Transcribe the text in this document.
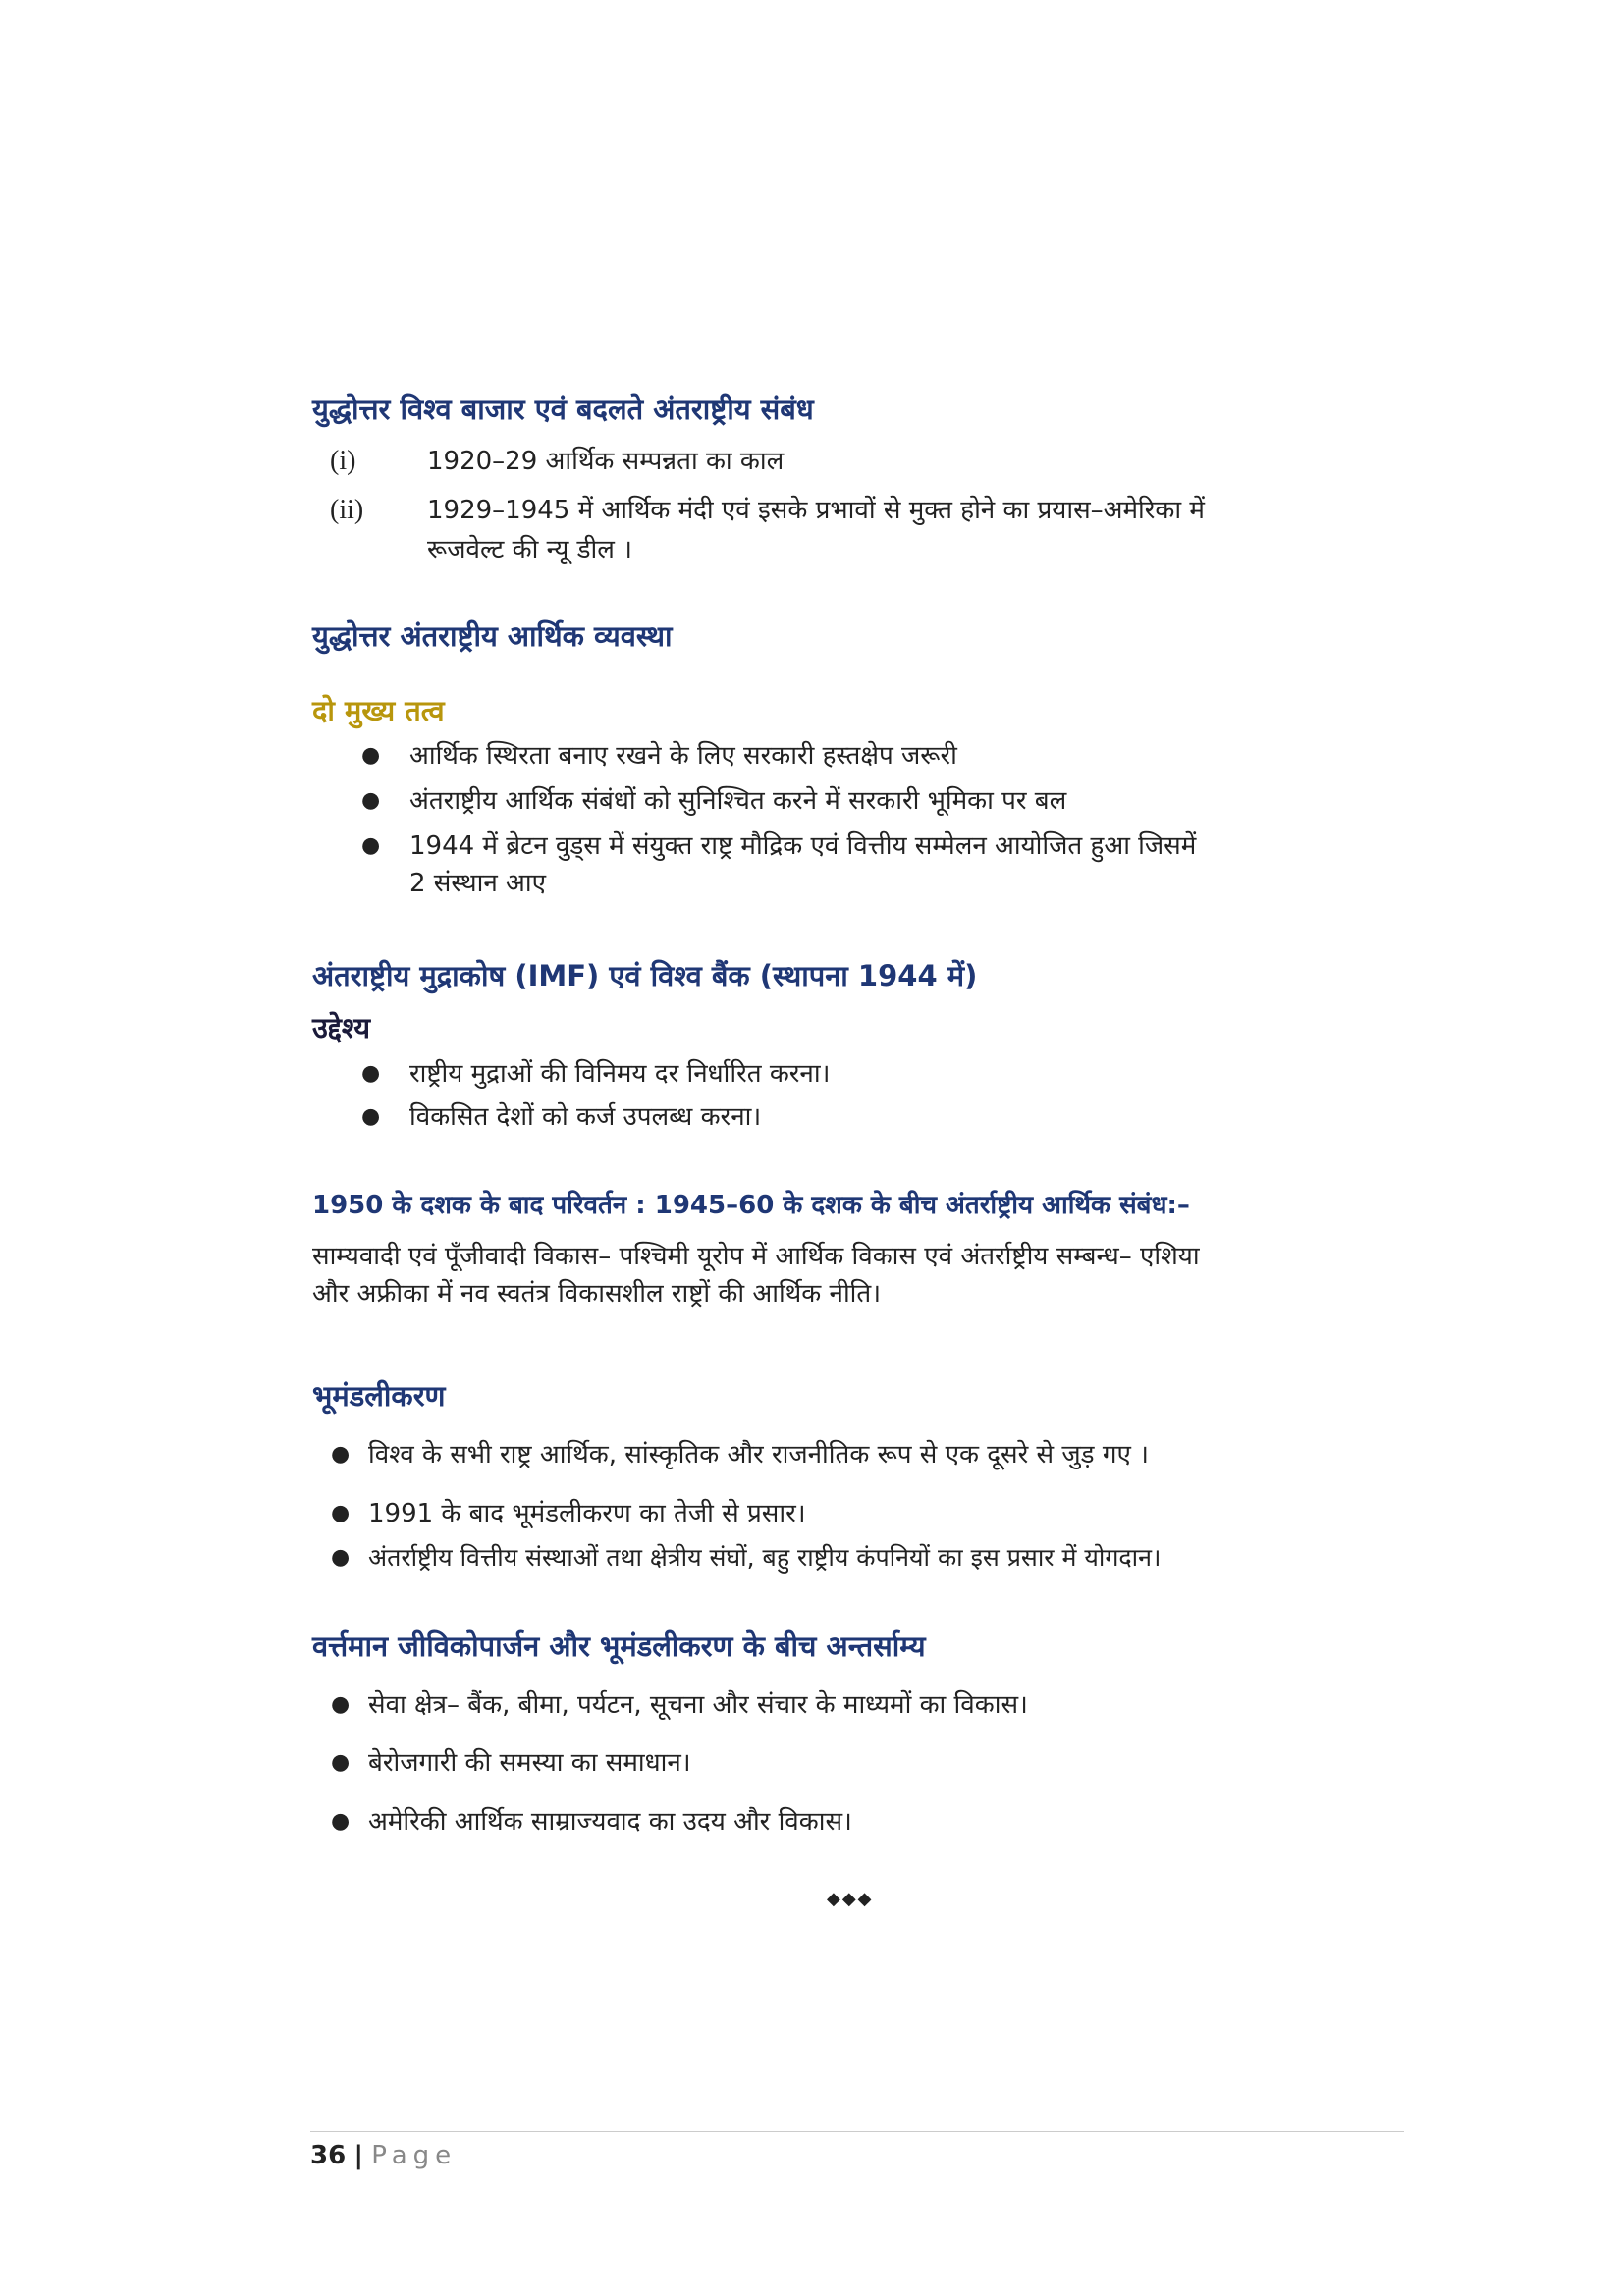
युद्धोत्तर विश्व बाजार एवं बदलते अंतराष्ट्रीय संबंध
(i)	1920–29 आर्थिक सम्पन्नता का काल
(ii) 1929–1945 में आर्थिक मंदी एवं इसके प्रभावों से मुक्त होने का प्रयास–अमेरिका में
रूजवेल्ट की न्यू डील ।
युद्धोत्तर अंतराष्ट्रीय आर्थिक व्यवस्था
दो मुख्य तत्व
● आर्थिक स्थिरता बनाए रखने के लिए सरकारी हस्तक्षेप जरूरी
● अंतराष्ट्रीय आर्थिक संबंधों को सुनिश्चित करने में सरकारी भूमिका पर बल
● 1944 में ब्रेटन वुड्स में संयुक्त राष्ट्र मौद्रिक एवं वित्तीय सम्मेलन आयोजित हुआ जिसमें
2 संस्थान आए
अंतराष्ट्रीय मुद्राकोष (IMF) एवं विश्व बैंक (स्थापना 1944 में)
उद्देश्य
● राष्ट्रीय मुद्राओं की विनिमय दर निर्धारित करना।
● विकसित देशों को कर्ज उपलब्ध करना।
1950 के दशक के बाद परिवर्तन : 1945–60 के दशक के बीच अंतर्राष्ट्रीय आर्थिक संबंध:–
साम्यवादी एवं पूँजीवादी विकास– पश्चिमी यूरोप में आर्थिक विकास एवं अंतर्राष्ट्रीय सम्बन्ध– एशिया
और अफ्रीका में नव स्वतंत्र विकासशील राष्ट्रों की आर्थिक नीति।
भूमंडलीकरण
● विश्व के सभी राष्ट्र आर्थिक, सांस्कृतिक और राजनीतिक रूप से एक दूसरे से जुड़ गए ।
● 1991 के बाद भूमंडलीकरण का तेजी से प्रसार।
● अंतर्राष्ट्रीय वित्तीय संस्थाओं तथा क्षेत्रीय संघों, बहु राष्ट्रीय कंपनियों का इस प्रसार में योगदान।
वर्त्तमान जीविकोपार्जन और भूमंडलीकरण के बीच अन्तर्साम्य
● सेवा क्षेत्र– बैंक, बीमा, पर्यटन, सूचना और संचार के माध्यमों का विकास।
● बेरोजगारी की समस्या का समाधान।
● अमेरिकी आर्थिक साम्राज्यवाद का उदय और विकास।
◆◆◆
36 | Page
